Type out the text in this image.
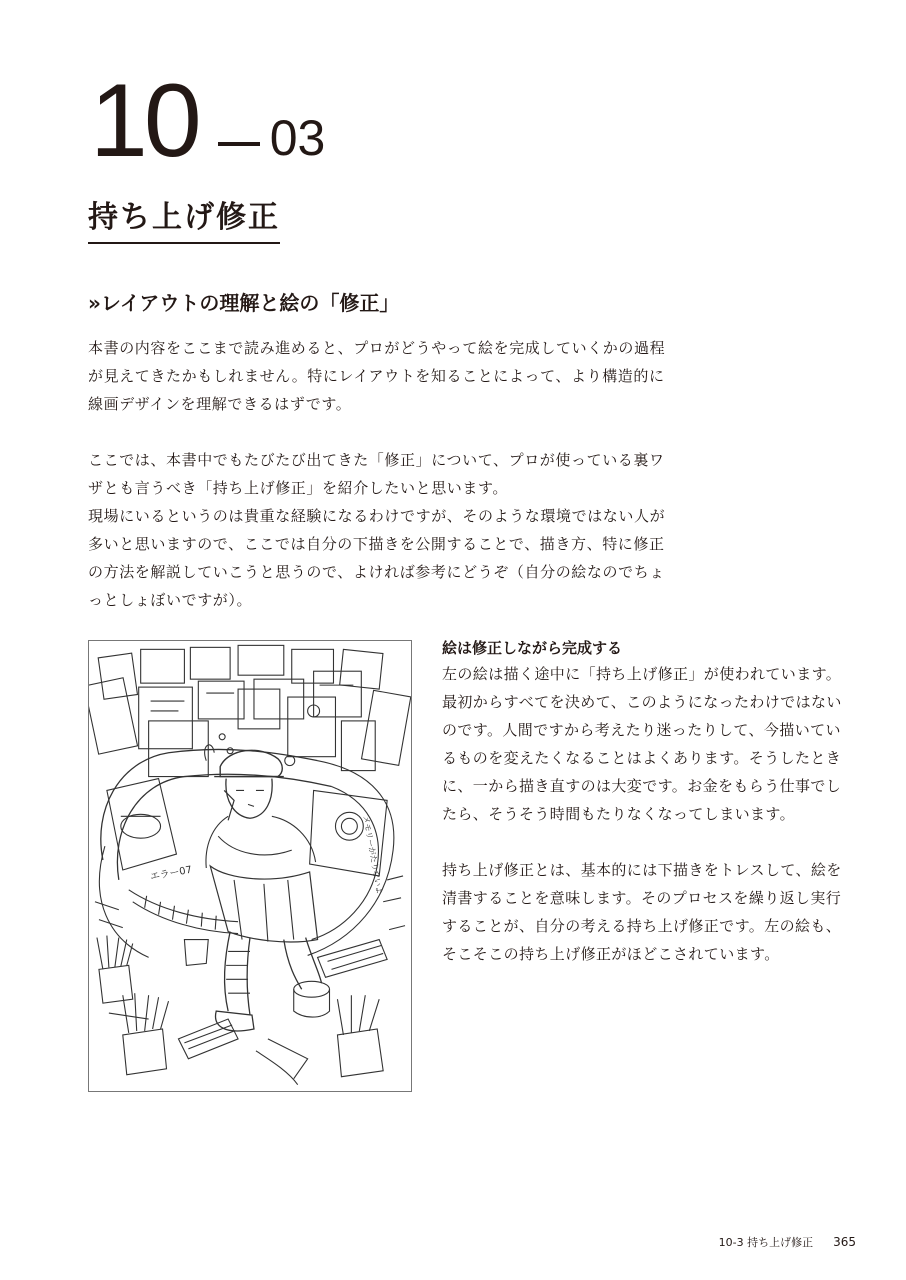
10 03
持ち上げ修正
»レイアウトの理解と絵の「修正」

本書の内容をここまで読み進めると、プロがどうやって絵を完成していくかの過程が見えてきたかもしれません。特にレイアウトを知ることによって、より構造的に線画デザインを理解できるはずです。

ここでは、本書中でもたびたび出てきた「修正」について、プロが使っている裏ワザとも言うべき「持ち上げ修正」を紹介したいと思います。

現場にいるというのは貴重な経験になるわけですが、そのような環境ではない人が多いと思いますので、ここでは自分の下描きを公開することで、描き方、特に修正の方法を解説していこうと思うので、よければ参考にどうぞ（自分の絵なのでちょっとしょぼいですが）。

エラー07	メモリーがたりないよ
絵は修正しながら完成する

左の絵は描く途中に「持ち上げ修正」が使われています。最初からすべてを決めて、このようになったわけではないのです。人間ですから考えたり迷ったりして、今描いているものを変えたくなることはよくあります。そうしたときに、一から描き直すのは大変です。お金をもらう仕事でしたら、そうそう時間もたりなくなってしまいます。

持ち上げ修正とは、基本的には下描きをトレスして、絵を清書することを意味します。そのプロセスを繰り返し実行することが、自分の考える持ち上げ修正です。左の絵も、そこそこの持ち上げ修正がほどこされています。

10-3 持ち上げ修正 365
